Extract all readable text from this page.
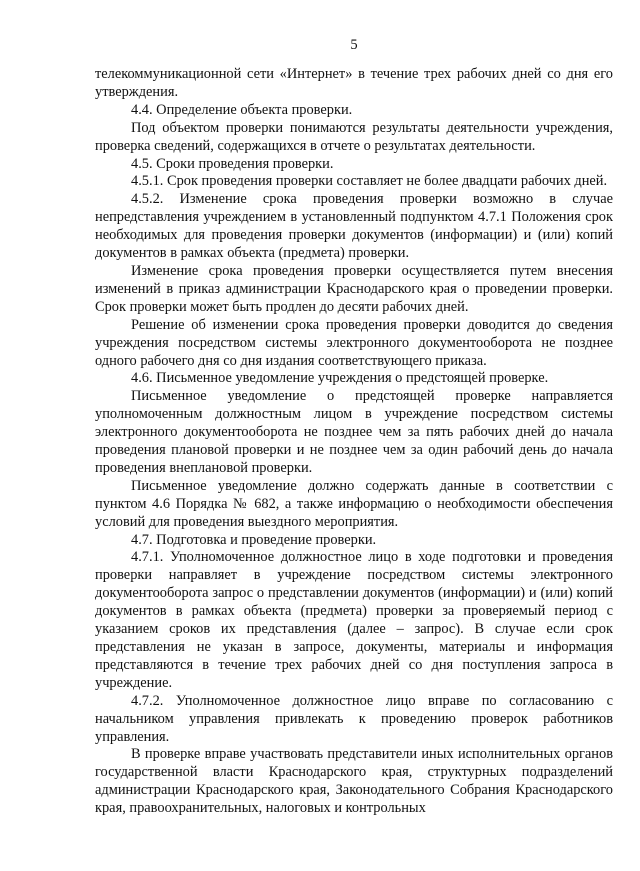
5

телекоммуникационной сети «Интернет» в течение трех рабочих дней со дня его утверждения.

4.4. Определение объекта проверки.

Под объектом проверки понимаются результаты деятельности учреждения, проверка сведений, содержащихся в отчете о результатах деятельности.

4.5. Сроки проведения проверки.

4.5.1. Срок проведения проверки составляет не более двадцати рабочих дней.

4.5.2. Изменение срока проведения проверки возможно в случае непредставления учреждением в установленный подпунктом 4.7.1 Положения срок необходимых для проведения проверки документов (информации) и (или) копий документов в рамках объекта (предмета) проверки.

Изменение срока проведения проверки осуществляется путем внесения изменений в приказ администрации Краснодарского края о проведении проверки. Срок проверки может быть продлен до десяти рабочих дней.

Решение об изменении срока проведения проверки доводится до сведения учреждения посредством системы электронного документооборота не позднее одного рабочего дня со дня издания соответствующего приказа.

4.6. Письменное уведомление учреждения о предстоящей проверке.

Письменное уведомление о предстоящей проверке направляется уполномоченным должностным лицом в учреждение посредством системы электронного документооборота не позднее чем за пять рабочих дней до начала проведения плановой проверки и не позднее чем за один рабочий день до начала проведения внеплановой проверки.

Письменное уведомление должно содержать данные в соответствии с пунктом 4.6 Порядка № 682, а также информацию о необходимости обеспечения условий для проведения выездного мероприятия.

4.7. Подготовка и проведение проверки.

4.7.1. Уполномоченное должностное лицо в ходе подготовки и проведения проверки направляет в учреждение посредством системы электронного документооборота запрос о представлении документов (информации) и (или) копий документов в рамках объекта (предмета) проверки за проверяемый период с указанием сроков их представления (далее – запрос). В случае если срок представления не указан в запросе, документы, материалы и информация представляются в течение трех рабочих дней со дня поступления запроса в учреждение.

4.7.2. Уполномоченное должностное лицо вправе по согласованию с начальником управления привлекать к проведению проверок работников управления.

В проверке вправе участвовать представители иных исполнительных органов государственной власти Краснодарского края, структурных подразделений администрации Краснодарского края, Законодательного Собрания Краснодарского края, правоохранительных, налоговых и контрольных
